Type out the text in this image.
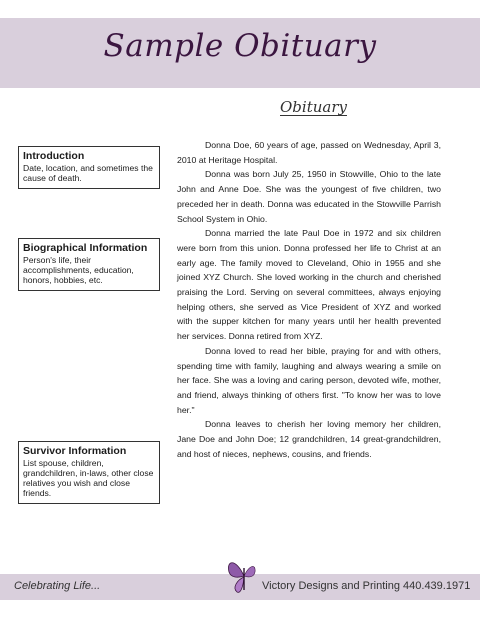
Sample Obituary
Obituary
Introduction
Date, location, and sometimes the cause of death.
Biographical Information
Person's life, their accomplishments, education, honors, hobbies, etc.
Survivor Information
List spouse, children, grandchildren, in-laws, other close relatives you wish and close friends.

Donna Doe, 60 years of age, passed on Wednesday, April 3, 2010 at Heritage Hospital.

Donna was born July 25, 1950 in Stowville, Ohio to the late John and Anne Doe. She was the youngest of five children, two preceded her in death. Donna was educated in the Stowville Parrish School System in Ohio.

Donna married the late Paul Doe in 1972 and six children were born from this union. Donna professed her life to Christ at an early age. The family moved to Cleveland, Ohio in 1955 and she joined XYZ Church. She loved working in the church and cherished praising the Lord. Serving on several committees, always enjoying helping others, she served as Vice President of XYZ and worked with the supper kitchen for many years until her health prevented her services. Donna retired from XYZ.

Donna loved to read her bible, praying for and with others, spending time with family, laughing and always wearing a smile on her face. She was a loving and caring person, devoted wife, mother, and friend, always thinking of others first. "To know her was to love her."

Donna leaves to cherish her loving memory her children, Jane Doe and John Doe; 12 grandchildren, 14 great-grandchildren, and host of nieces, nephews, cousins, and friends.

Celebrating Life...	Victory Designs and Printing 440.439.1971
